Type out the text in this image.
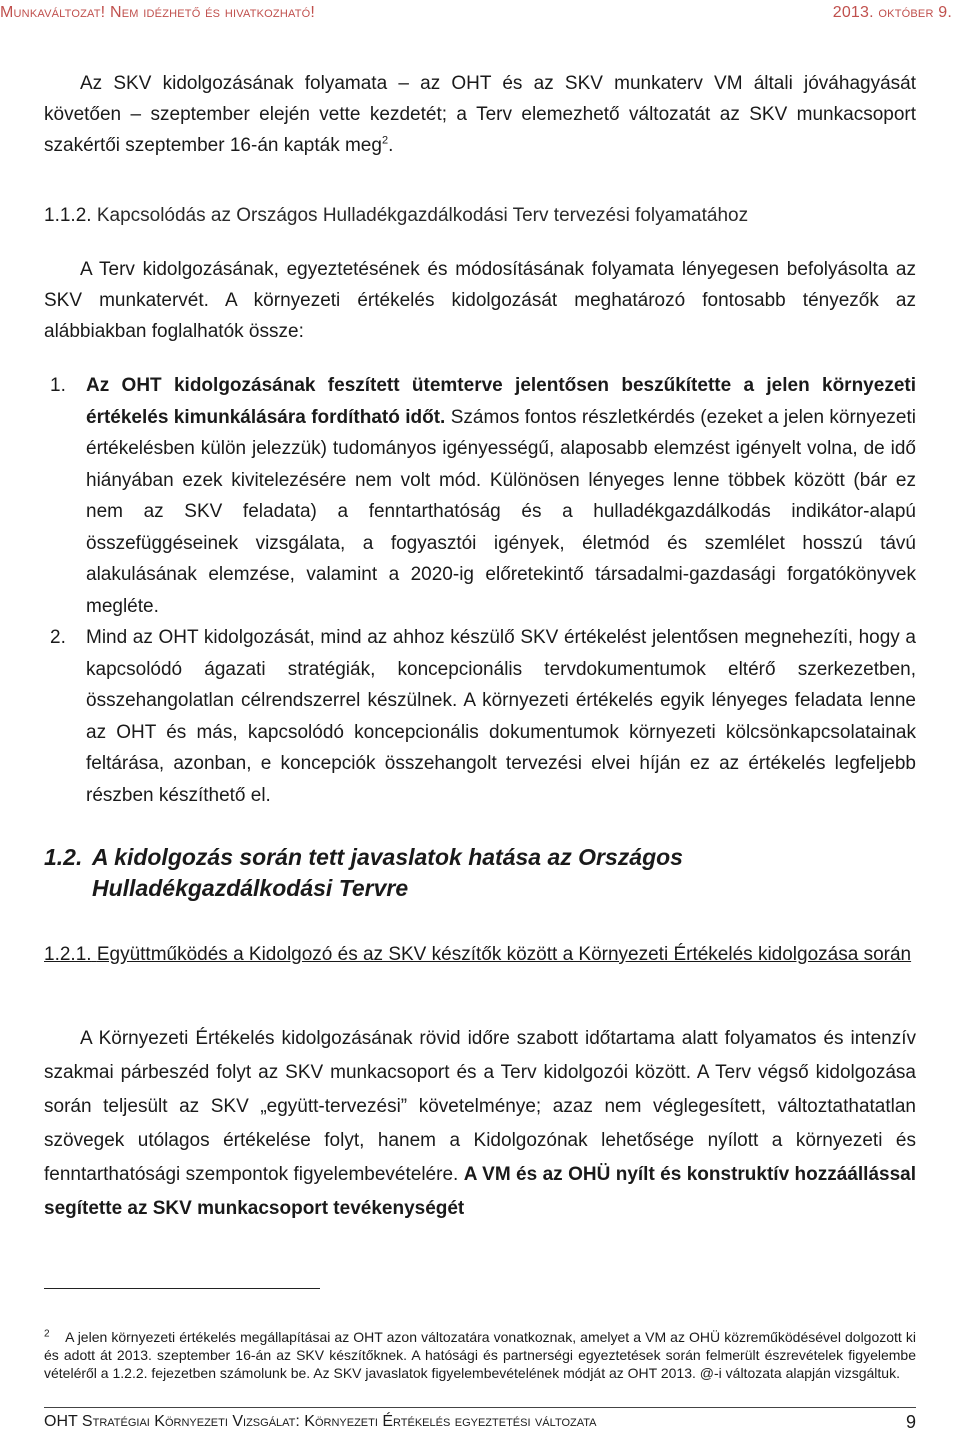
Munkaváltozat! Nem idézhető és hivatkozható!	2013. október 9.
Az SKV kidolgozásának folyamata – az OHT és az SKV munkaterv VM általi jóváhagyását követően – szeptember elején vette kezdetét; a Terv elemezhető változatát az SKV munkacsoport szakértői szeptember 16-án kapták meg$^2$.
1.1.2. Kapcsolódás az Országos Hulladékgazdálkodási Terv tervezési folyamatához
A Terv kidolgozásának, egyeztetésének és módosításának folyamata lényegesen befolyásolta az SKV munkatervét. A környezeti értékelés kidolgozását meghatározó fontosabb tényezők az alábbiakban foglalhatók össze:
1. Az OHT kidolgozásának feszített ütemterve jelentősen beszűkítette a jelen környezeti értékelés kimunkálására fordítható időt. Számos fontos részletkérdés (ezeket a jelen környezeti értékelésben külön jelezzük) tudományos igényességű, alaposabb elemzést igényelt volna, de idő hiányában ezek kivitelezésére nem volt mód. Különösen lényeges lenne többek között (bár ez nem az SKV feladata) a fenntarthatóság és a hulladékgazdálkodás indikátor-alapú összefüggéseinek vizsgálata, a fogyasztói igények, életmód és szemlélet hosszú távú alakulásának elemzése, valamint a 2020-ig előretekintő társadalmi-gazdasági forgatókönyvek megléte.
2. Mind az OHT kidolgozását, mind az ahhoz készülő SKV értékelést jelentősen megnehezíti, hogy a kapcsolódó ágazati stratégiák, koncepcionális tervdokumentumok eltérő szerkezetben, összehangolatlan célrendszerrel készülnek. A környezeti értékelés egyik lényeges feladata lenne az OHT és más, kapcsolódó koncepcionális dokumentumok környezeti kölcsönkapcsolatainak feltárása, azonban, e koncepciók összehangolt tervezési elvei híján ez az értékelés legfeljebb részben készíthető el.
1.2. A kidolgozás során tett javaslatok hatása az Országos Hulladékgazdálkodási Tervre
1.2.1. Együttműködés a Kidolgozó és az SKV készítők között a Környezeti Értékelés kidolgozása során
A Környezeti Értékelés kidolgozásának rövid időre szabott időtartama alatt folyamatos és intenzív szakmai párbeszéd folyt az SKV munkacsoport és a Terv kidolgozói között. A Terv végső kidolgozása során teljesült az SKV „együtt-tervezési” követelménye; azaz nem véglegesített, változtathatatlan szövegek utólagos értékelése folyt, hanem a Kidolgozónak lehetősége nyílott a környezeti és fenntarthatósági szempontok figyelembevételére. A VM és az OHÜ nyílt és konstruktív hozzáállással segítette az SKV munkacsoport tevékenységét
$^2$ A jelen környezeti értékelés megállapításai az OHT azon változatára vonatkoznak, amelyet a VM az OHÜ közreműködésével dolgozott ki és adott át 2013. szeptember 16-án az SKV készítőknek. A hatósági és partnerségi egyeztetések során felmerült észrevételek figyelembe vételéről a 1.2.2. fejezetben számolunk be. Az SKV javaslatok figyelembevételének módját az OHT 2013. @-i változata alapján vizsgáltuk.
OHT Stratégiai Környezeti Vizsgálat: Környezeti Értékelés egyeztetési változata	9
